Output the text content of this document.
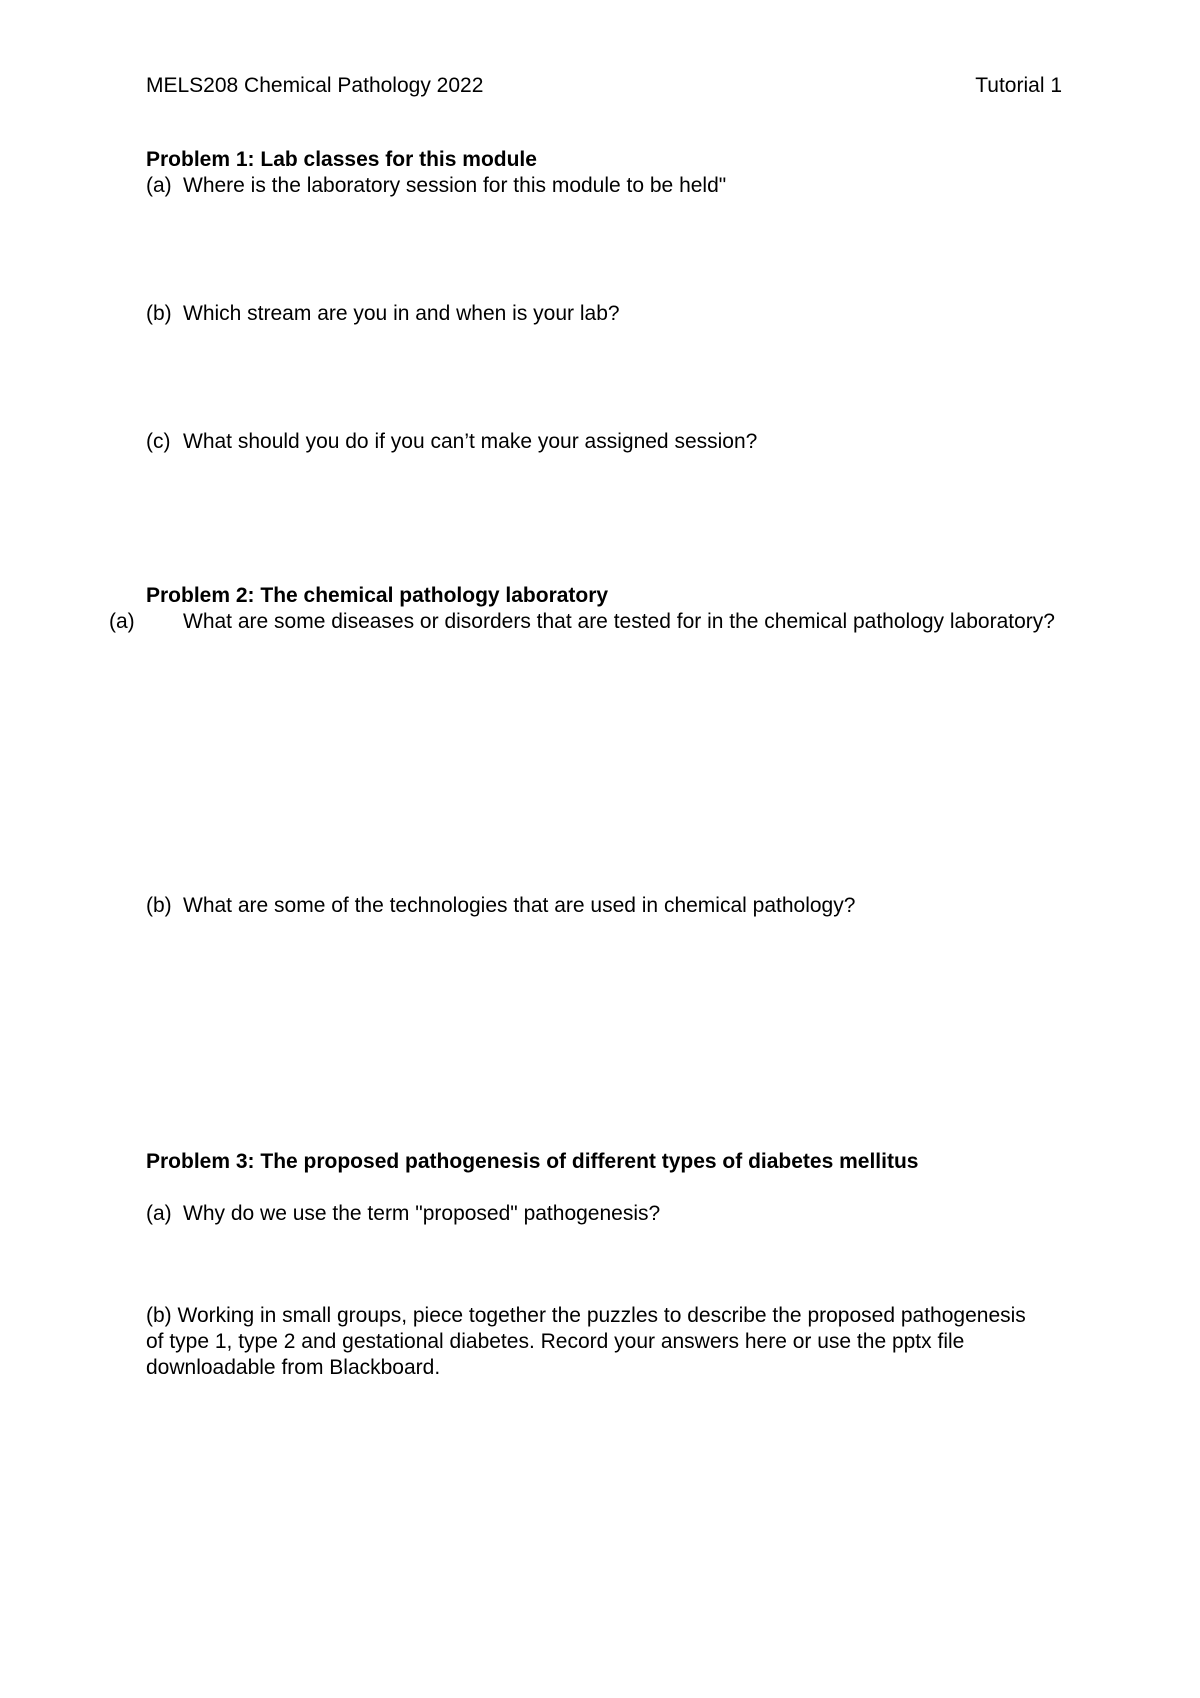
MELS208 Chemical Pathology 2022	Tutorial 1
Problem 1: Lab classes for this module
(a) Where is the laboratory session for this module to be held"
(b) Which stream are you in and when is your lab?
(c) What should you do if you can’t make your assigned session?
Problem 2: The chemical pathology laboratory
(a) What are some diseases or disorders that are tested for in the chemical pathology laboratory?
(b) What are some of the technologies that are used in chemical pathology?
Problem 3: The proposed pathogenesis of different types of diabetes mellitus
(a) Why do we use the term "proposed" pathogenesis?
(b) Working in small groups, piece together the puzzles to describe the proposed pathogenesis of type 1, type 2 and gestational diabetes. Record your answers here or use the pptx file downloadable from Blackboard.
